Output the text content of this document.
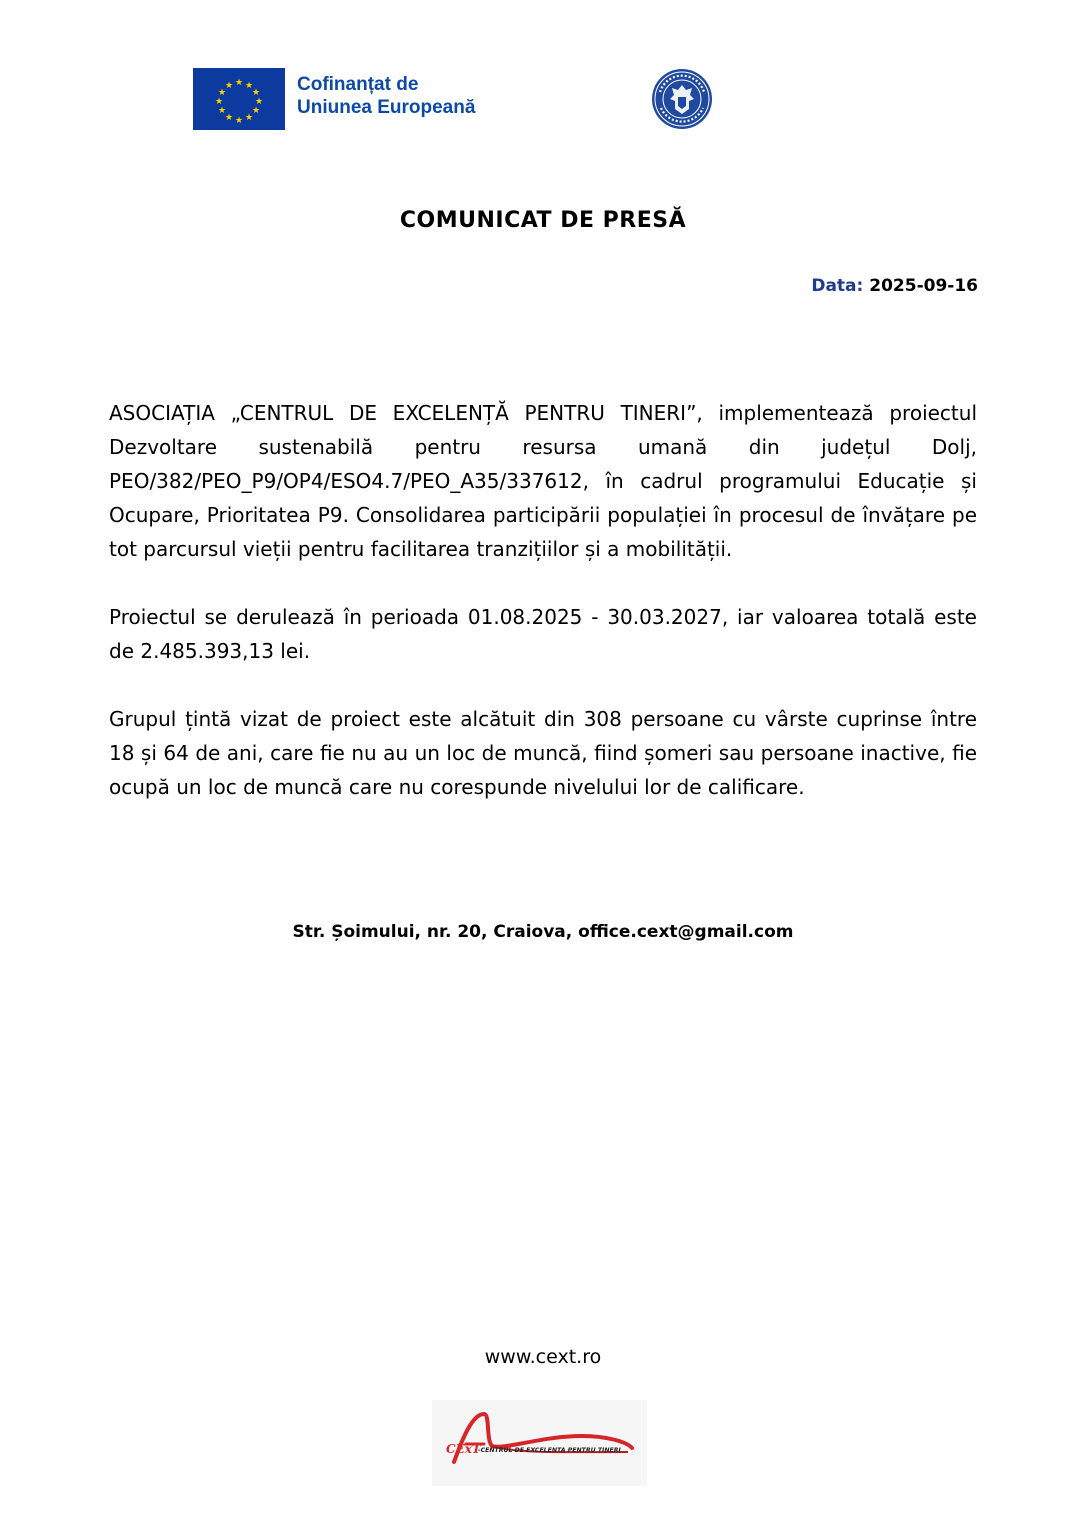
★ ★
★
★
★
★
★
★
★
★
★
★	Cofinanțat de
Uniunea Europeană
COMUNICAT DE PRESĂ
Data: 2025-09-16

ASOCIAȚIA „CENTRUL DE EXCELENȚĂ PENTRU TINERI”, implementează proiectul Dezvoltare sustenabilă pentru resursa umană din județul Dolj, PEO/382/PEO_P9/OP4/ESO4.7/PEO_A35/337612, în cadrul programului Educație și Ocupare, Prioritatea P9. Consolidarea participării populației în procesul de învățare pe tot parcursul vieții pentru facilitarea tranzițiilor și a mobilității.

Proiectul se derulează în perioada 01.08.2025 - 30.03.2027, iar valoarea totală este de 2.485.393,13 lei.

Grupul țintă vizat de proiect este alcătuit din 308 persoane cu vârste cuprinse între 18 și 64 de ani, care fie nu au un loc de muncă, fiind șomeri sau persoane inactive, fie ocupă un loc de muncă care nu corespunde nivelului lor de calificare.

Str. Șoimului, nr. 20, Craiova, office.cext@gmail.com
www.cext.ro
CExT
-CENTRUL DE EXCELENTA PENTRU TINERI
